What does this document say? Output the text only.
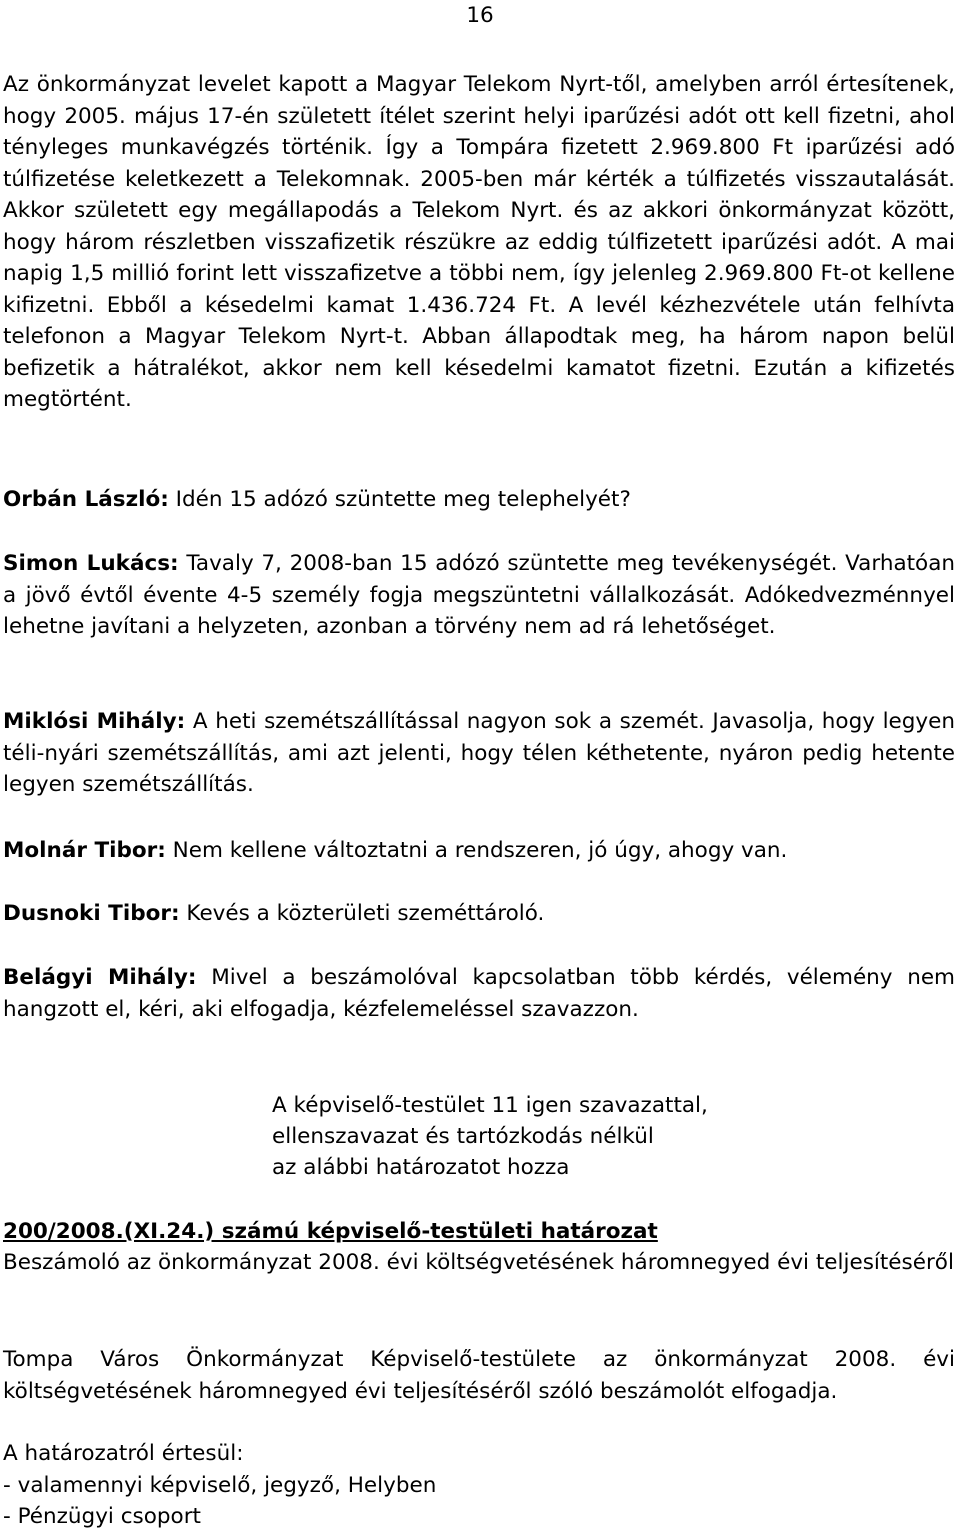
16

Az önkormányzat levelet kapott a Magyar Telekom Nyrt-től, amelyben arról értesítenek, hogy 2005. május 17-én született ítélet szerint helyi iparűzési adót ott kell fizetni, ahol tényleges munkavégzés történik. Így a Tompára fizetett 2.969.800 Ft iparűzési adó túlfizetése keletkezett a Telekomnak. 2005-ben már kérték a túlfizetés visszautalását. Akkor született egy megállapodás a Telekom Nyrt. és az akkori önkormányzat között, hogy három részletben visszafizetik részükre az eddig túlfizetett iparűzési adót. A mai napig 1,5 millió forint lett visszafizetve a többi nem, így jelenleg 2.969.800 Ft-ot kellene kifizetni. Ebből a késedelmi kamat 1.436.724 Ft. A levél kézhezvétele után felhívta telefonon a Magyar Telekom Nyrt-t. Abban állapodtak meg, ha három napon belül befizetik a hátralékot, akkor nem kell késedelmi kamatot fizetni. Ezután a kifizetés megtörtént.

Orbán László: Idén 15 adózó szüntette meg telephelyét?

Simon Lukács: Tavaly 7, 2008-ban 15 adózó szüntette meg tevékenységét. Varhatóan a jövő évtől évente 4-5 személy fogja megszüntetni vállalkozását. Adókedvezménnyel lehetne javítani a helyzeten, azonban a törvény nem ad rá lehetőséget.

Miklósi Mihály: A heti szemétszállítással nagyon sok a szemét. Javasolja, hogy legyen téli-nyári szemétszállítás, ami azt jelenti, hogy télen kéthetente, nyáron pedig hetente legyen szemétszállítás.

Molnár Tibor: Nem kellene változtatni a rendszeren, jó úgy, ahogy van.

Dusnoki Tibor: Kevés a közterületi szeméttároló.

Belágyi Mihály: Mivel a beszámolóval kapcsolatban több kérdés, vélemény nem hangzott el, kéri, aki elfogadja, kézfelemeléssel szavazzon.

A képviselő-testület 11 igen szavazattal,
ellenszavazat és tartózkodás nélkül
az alábbi határozatot hozza
200/2008.(XI.24.) számú képviselő-testületi határozat

Beszámoló az önkormányzat 2008. évi költségvetésének háromnegyed évi teljesítéséről

Tompa Város Önkormányzat Képviselő-testülete az önkormányzat 2008. évi költségvetésének háromnegyed évi teljesítéséről szóló beszámolót elfogadja.

A határozatról értesül:
- valamennyi képviselő, jegyző, Helyben
- Pénzügyi csoport
